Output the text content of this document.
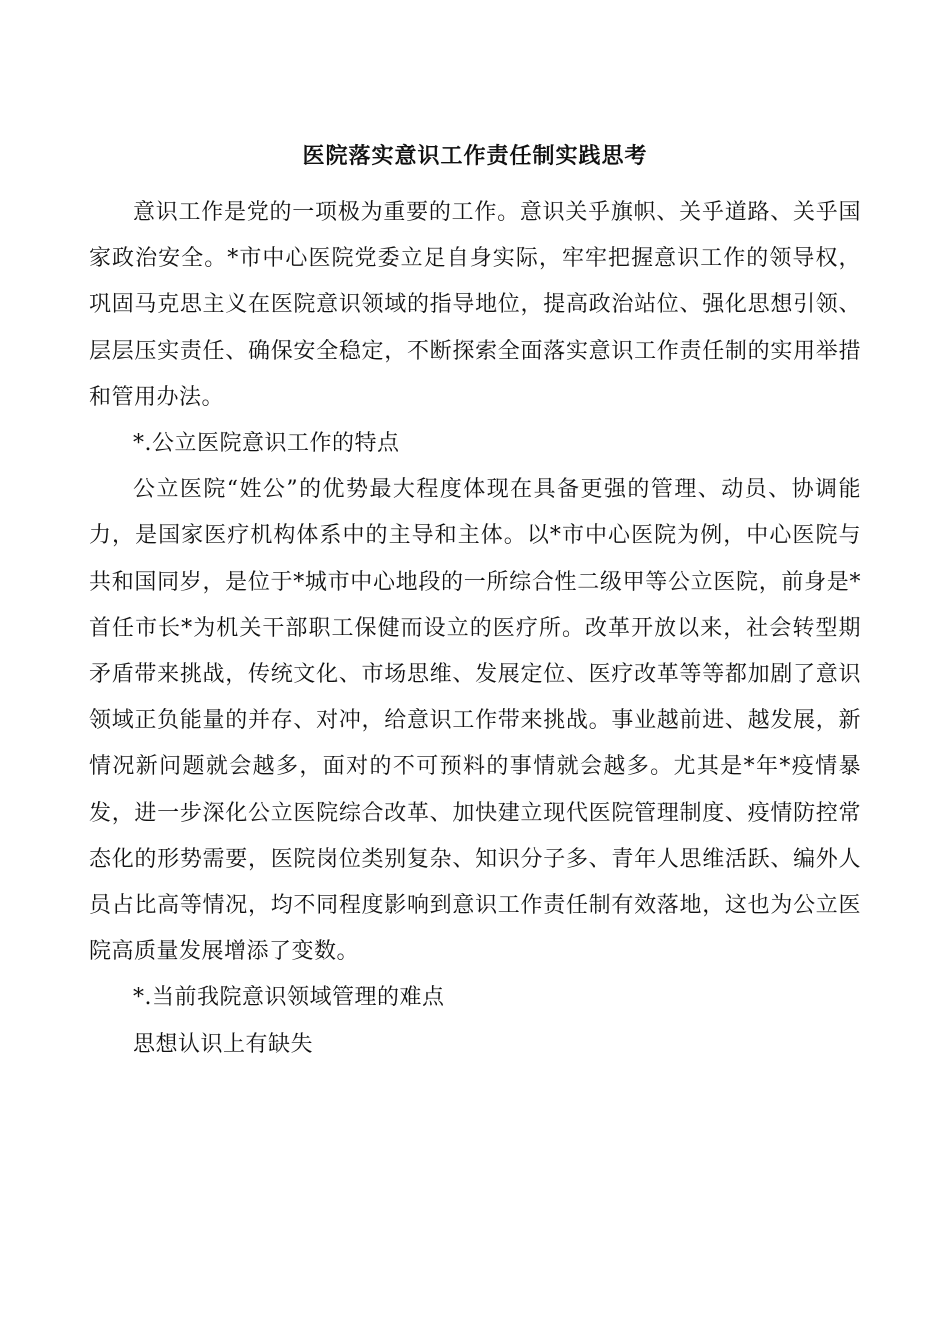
医院落实意识工作责任制实践思考

意识工作是党的一项极为重要的工作。意识关乎旗帜、关乎道路、关乎国家政治安全。*市中心医院党委立足自身实际，牢牢把握意识工作的领导权，巩固马克思主义在医院意识领域的指导地位，提高政治站位、强化思想引领、层层压实责任、确保安全稳定，不断探索全面落实意识工作责任制的实用举措和管用办法。

*.公立医院意识工作的特点

公立医院“姓公”的优势最大程度体现在具备更强的管理、动员、协调能力，是国家医疗机构体系中的主导和主体。以*市中心医院为例，中心医院与共和国同岁，是位于*城市中心地段的一所综合性二级甲等公立医院，前身是*首任市长*为机关干部职工保健而设立的医疗所。改革开放以来，社会转型期矛盾带来挑战，传统文化、市场思维、发展定位、医疗改革等等都加剧了意识领域正负能量的并存、对冲，给意识工作带来挑战。事业越前进、越发展，新情况新问题就会越多，面对的不可预料的事情就会越多。尤其是*年*疫情暴发，进一步深化公立医院综合改革、加快建立现代医院管理制度、疫情防控常态化的形势需要，医院岗位类别复杂、知识分子多、青年人思维活跃、编外人员占比高等情况，均不同程度影响到意识工作责任制有效落地，这也为公立医院高质量发展增添了变数。

*.当前我院意识领域管理的难点

思想认识上有缺失
